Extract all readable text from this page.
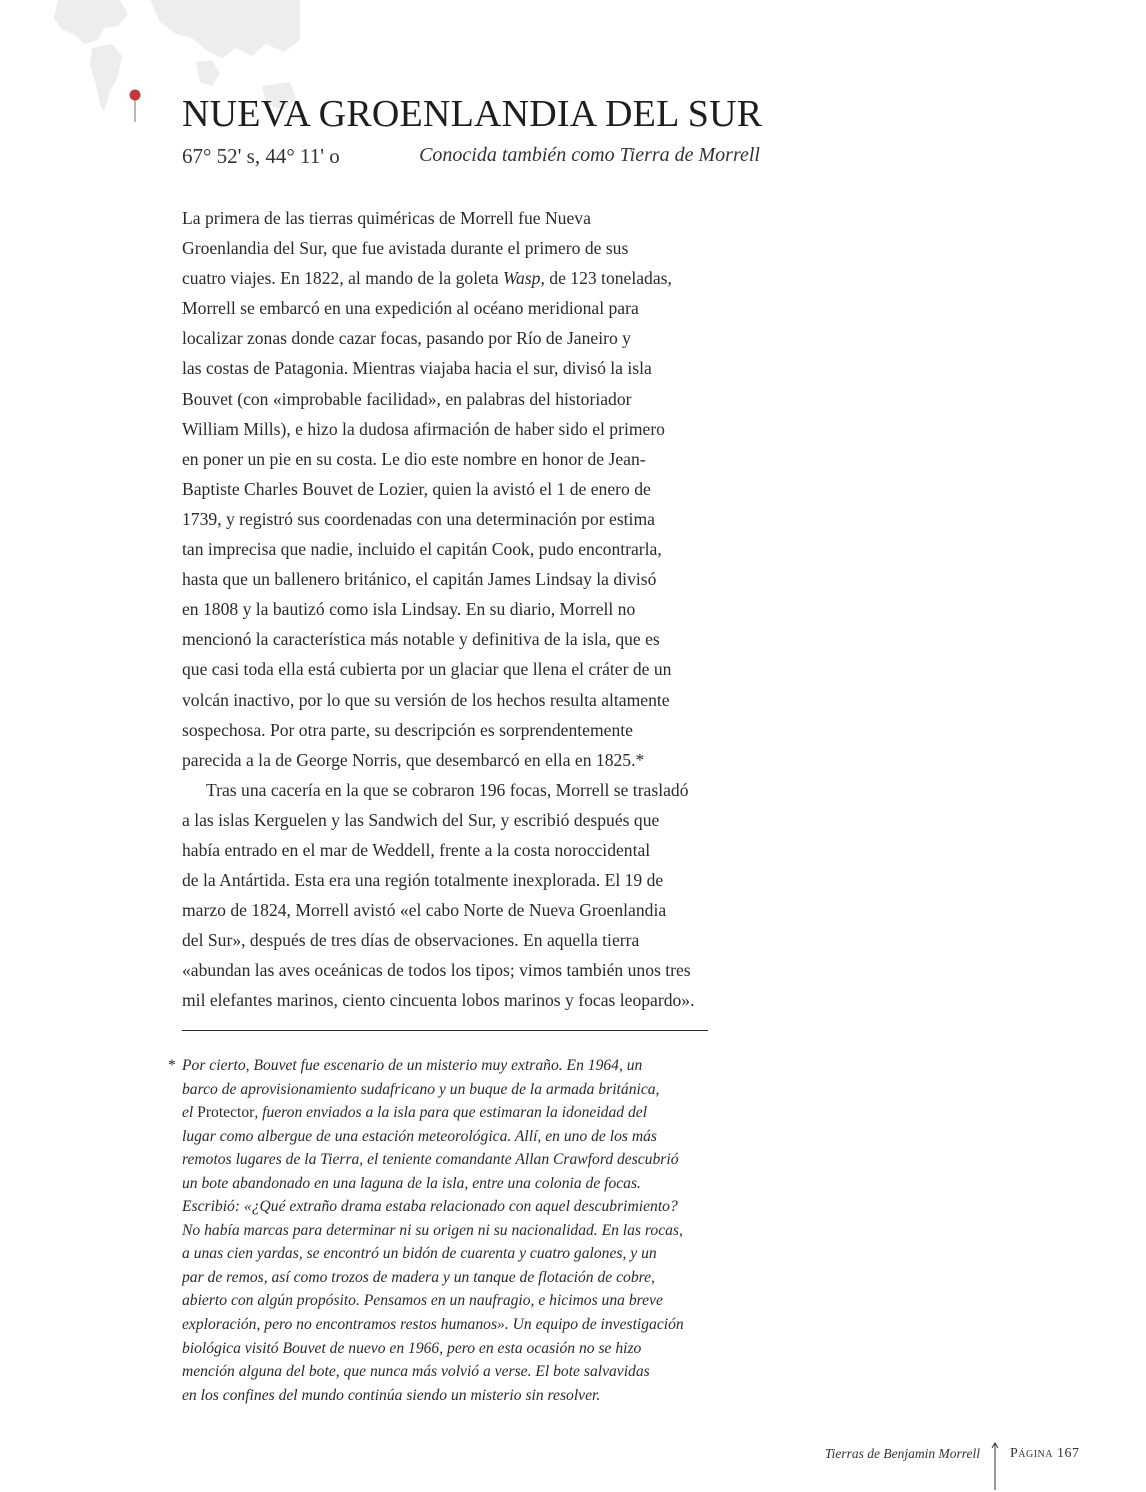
NUEVA GROENLANDIA DEL SUR
67° 52' s, 44° 11' o	Conocida también como Tierra de Morrell
La primera de las tierras quiméricas de Morrell fue Nueva
Groenlandia del Sur, que fue avistada durante el primero de sus
cuatro viajes. En 1822, al mando de la goleta Wasp, de 123 toneladas,
Morrell se embarcó en una expedición al océano meridional para
localizar zonas donde cazar focas, pasando por Río de Janeiro y
las costas de Patagonia. Mientras viajaba hacia el sur, divisó la isla
Bouvet (con «improbable facilidad», en palabras del historiador
William Mills), e hizo la dudosa afirmación de haber sido el primero
en poner un pie en su costa. Le dio este nombre en honor de Jean-
Baptiste Charles Bouvet de Lozier, quien la avistó el 1 de enero de
1739, y registró sus coordenadas con una determinación por estima
tan imprecisa que nadie, incluido el capitán Cook, pudo encontrarla,
hasta que un ballenero británico, el capitán James Lindsay la divisó
en 1808 y la bautizó como isla Lindsay. En su diario, Morrell no
mencionó la característica más notable y definitiva de la isla, que es
que casi toda ella está cubierta por un glaciar que llena el cráter de un
volcán inactivo, por lo que su versión de los hechos resulta altamente
sospechosa. Por otra parte, su descripción es sorprendentemente
parecida a la de George Norris, que desembarcó en ella en 1825.*
Tras una cacería en la que se cobraron 196 focas, Morrell se trasladó
a las islas Kerguelen y las Sandwich del Sur, y escribió después que
había entrado en el mar de Weddell, frente a la costa noroccidental
de la Antártida. Esta era una región totalmente inexplorada. El 19 de
marzo de 1824, Morrell avistó «el cabo Norte de Nueva Groenlandia
del Sur», después de tres días de observaciones. En aquella tierra
«abundan las aves oceánicas de todos los tipos; vimos también unos tres
mil elefantes marinos, ciento cincuenta lobos marinos y focas leopardo».
* Por cierto, Bouvet fue escenario de un misterio muy extraño. En 1964, un
barco de aprovisionamiento sudafricano y un buque de la armada británica,
el Protector, fueron enviados a la isla para que estimaran la idoneidad del
lugar como albergue de una estación meteorológica. Allí, en uno de los más
remotos lugares de la Tierra, el teniente comandante Allan Crawford descubrió
un bote abandonado en una laguna de la isla, entre una colonia de focas.
Escribió: «¿Qué extraño drama estaba relacionado con aquel descubrimiento?
No había marcas para determinar ni su origen ni su nacionalidad. En las rocas,
a unas cien yardas, se encontró un bidón de cuarenta y cuatro galones, y un
par de remos, así como trozos de madera y un tanque de flotación de cobre,
abierto con algún propósito. Pensamos en un naufragio, e hicimos una breve
exploración, pero no encontramos restos humanos». Un equipo de investigación
biológica visitó Bouvet de nuevo en 1966, pero en esta ocasión no se hizo
mención alguna del bote, que nunca más volvió a verse. El bote salvavidas
en los confines del mundo continúa siendo un misterio sin resolver.
Tierras de Benjamin Morrell Página 167
